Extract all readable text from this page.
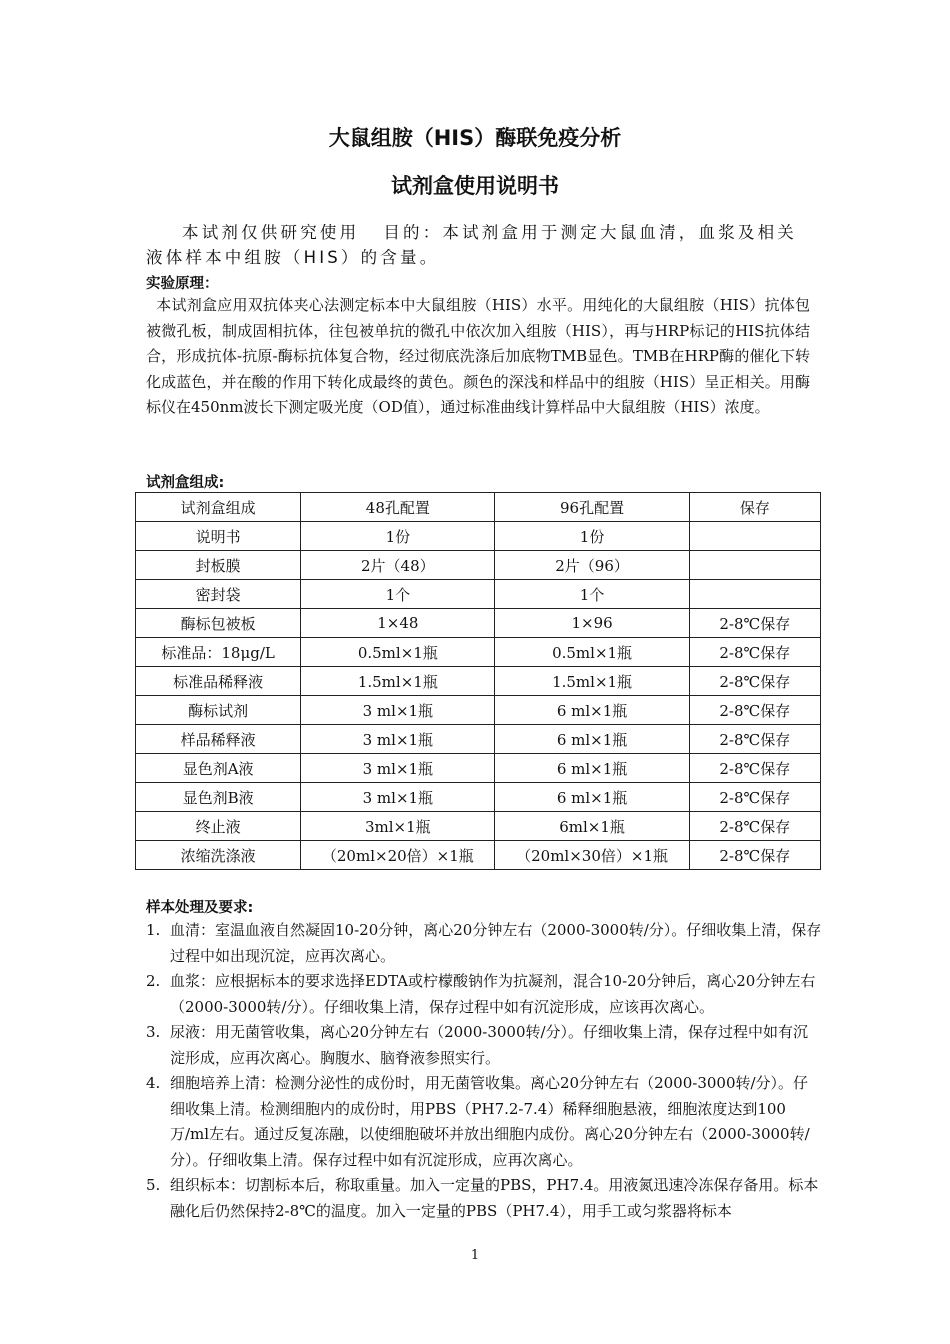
大鼠组胺（HIS）酶联免疫分析
试剂盒使用说明书
本试剂仅供研究使用 目的：本试剂盒用于测定大鼠血清，血浆及相关液体样本中组胺（HIS）的含量。
实验原理：
本试剂盒应用双抗体夹心法测定标本中大鼠组胺（HIS）水平。用纯化的大鼠组胺（HIS）抗体包被微孔板，制成固相抗体，往包被单抗的微孔中依次加入组胺（HIS），再与HRP标记的HIS抗体结合，形成抗体-抗原-酶标抗体复合物，经过彻底洗涤后加底物TMB显色。TMB在HRP酶的催化下转化成蓝色，并在酸的作用下转化成最终的黄色。颜色的深浅和样品中的组胺（HIS）呈正相关。用酶标仪在450nm波长下测定吸光度（OD值），通过标准曲线计算样品中大鼠组胺（HIS）浓度。
试剂盒组成:
试剂盒组成	48孔配置	96孔配置	保存
说明书	1份	1份	
封板膜	2片（48）	2片（96）	
密封袋	1个	1个	
酶标包被板	1×48	1×96	2-8℃保存
标准品：18μg/L	0.5ml×1瓶	0.5ml×1瓶	2-8℃保存
标准品稀释液	1.5ml×1瓶	1.5ml×1瓶	2-8℃保存
酶标试剂	3 ml×1瓶	6 ml×1瓶	2-8℃保存
样品稀释液	3 ml×1瓶	6 ml×1瓶	2-8℃保存
显色剂A液	3 ml×1瓶	6 ml×1瓶	2-8℃保存
显色剂B液	3 ml×1瓶	6 ml×1瓶	2-8℃保存
终止液	3ml×1瓶	6ml×1瓶	2-8℃保存
浓缩洗涤液	（20ml×20倍）×1瓶	（20ml×30倍）×1瓶	2-8℃保存
样本处理及要求:
1. 血清：室温血液自然凝固10-20分钟，离心20分钟左右（2000-3000转/分）。仔细收集上清，保存过程中如出现沉淀，应再次离心。
2. 血浆：应根据标本的要求选择EDTA或柠檬酸钠作为抗凝剂，混合10-20分钟后，离心20分钟左右（2000-3000转/分）。仔细收集上清，保存过程中如有沉淀形成，应该再次离心。
3. 尿液：用无菌管收集，离心20分钟左右（2000-3000转/分）。仔细收集上清，保存过程中如有沉淀形成，应再次离心。胸腹水、脑脊液参照实行。
4. 细胞培养上清：检测分泌性的成份时，用无菌管收集。离心20分钟左右（2000-3000转/分）。仔细收集上清。检测细胞内的成份时，用PBS（PH7.2-7.4）稀释细胞悬液，细胞浓度达到100万/ml左右。通过反复冻融，以使细胞破坏并放出细胞内成份。离心20分钟左右（2000-3000转/分）。仔细收集上清。保存过程中如有沉淀形成，应再次离心。
5. 组织标本：切割标本后，称取重量。加入一定量的PBS，PH7.4。用液氮迅速冷冻保存备用。标本融化后仍然保持2-8℃的温度。加入一定量的PBS（PH7.4），用手工或匀浆器将标本
1
